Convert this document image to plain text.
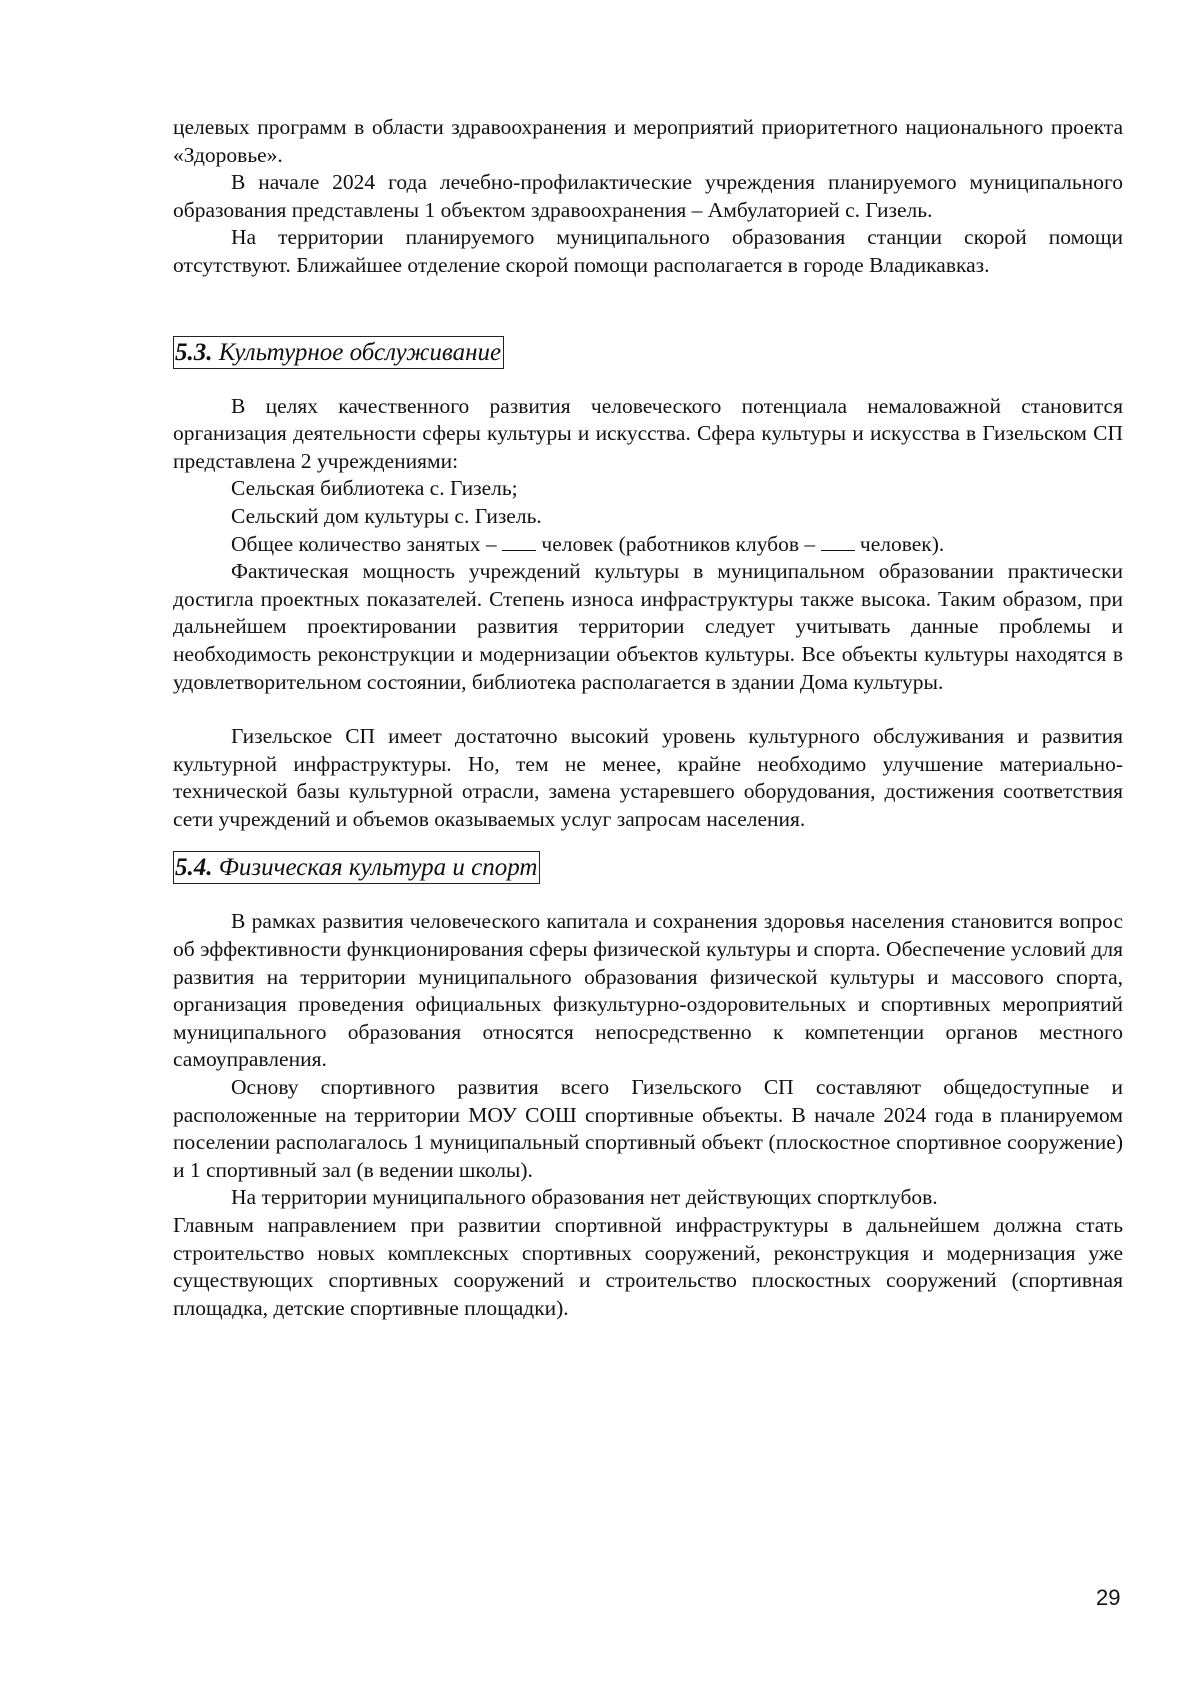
целевых программ в области здравоохранения и мероприятий приоритетного национального проекта «Здоровье».

В начале 2024 года лечебно-профилактические учреждения планируемого муниципального образования представлены 1 объектом здравоохранения – Амбулаторией с. Гизель.

На территории планируемого муниципального образования станции скорой помощи отсутствуют. Ближайшее отделение скорой помощи располагается в городе Владикавказ.

5.3. Культурное обслуживание

В целях качественного развития человеческого потенциала немаловажной становится организация деятельности сферы культуры и искусства. Сфера культуры и искусства в Гизельском СП представлена 2 учреждениями:

Сельская библиотека с. Гизель;

Сельский дом культуры с. Гизель.

Общее количество занятых – человек (работников клубов – человек).

Фактическая мощность учреждений культуры в муниципальном образовании практически достигла проектных показателей. Степень износа инфраструктуры также высока. Таким образом, при дальнейшем проектировании развития территории следует учитывать данные проблемы и необходимость реконструкции и модернизации объектов культуры. Все объекты культуры находятся в удовлетворительном состоянии, библиотека располагается в здании Дома культуры.

Гизельское СП имеет достаточно высокий уровень культурного обслуживания и развития культурной инфраструктуры. Но, тем не менее, крайне необходимо улучшение материально-технической базы культурной отрасли, замена устаревшего оборудования, достижения соответствия сети учреждений и объемов оказываемых услуг запросам населения.

5.4. Физическая культура и спорт

В рамках развития человеческого капитала и сохранения здоровья населения становится вопрос об эффективности функционирования сферы физической культуры и спорта. Обеспечение условий для развития на территории муниципального образования физической культуры и массового спорта, организация проведения официальных физкультурно-оздоровительных и спортивных мероприятий муниципального образования относятся непосредственно к компетенции органов местного самоуправления.

Основу спортивного развития всего Гизельского СП составляют общедоступные и расположенные на территории МОУ СОШ спортивные объекты. В начале 2024 года в планируемом поселении располагалось 1 муниципальный спортивный объект (плоскостное спортивное сооружение) и 1 спортивный зал (в ведении школы).

На территории муниципального образования нет действующих спортклубов.

Главным направлением при развитии спортивной инфраструктуры в дальнейшем должна стать строительство новых комплексных спортивных сооружений, реконструкция и модернизация уже существующих спортивных сооружений и строительство плоскостных сооружений (спортивная площадка, детские спортивные площадки).

29
